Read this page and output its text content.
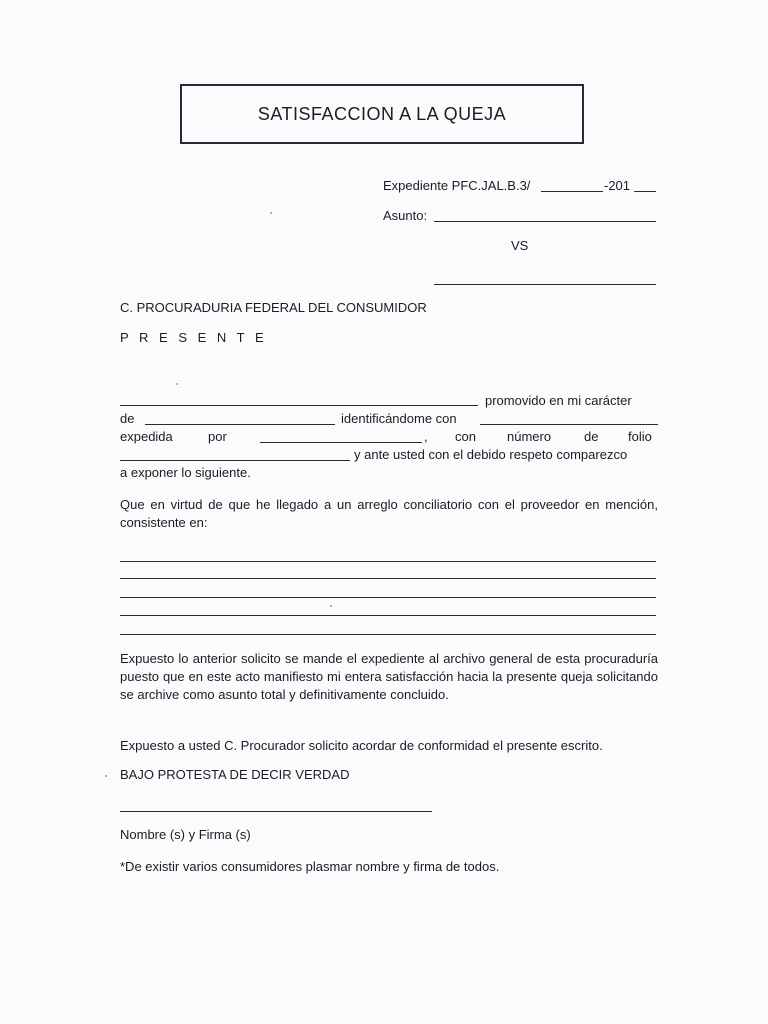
SATISFACCION A LA QUEJA
Expediente PFC.JAL.B.3/	-201
Asunto:
VS
C. PROCURADURIA FEDERAL DEL CONSUMIDOR
P R E S E N T E
promovido en mi carácter
de	identificándome con
expedida	por	, con número	de folio
y ante usted con el debido respeto comparezco
a exponer lo siguiente.
Que en virtud de que he llegado a un arreglo conciliatorio con el proveedor en mención, consistente en:
Expuesto lo anterior solicito se mande el expediente al archivo general de esta procuraduría puesto que en este acto manifiesto mi entera satisfacción hacia la presente queja solicitando se archive como asunto total y definitivamente concluido.
Expuesto a usted C. Procurador solicito acordar de conformidad el presente escrito.
BAJO PROTESTA DE DECIR VERDAD
Nombre (s) y Firma (s)
*De existir varios consumidores plasmar nombre y firma de todos.
